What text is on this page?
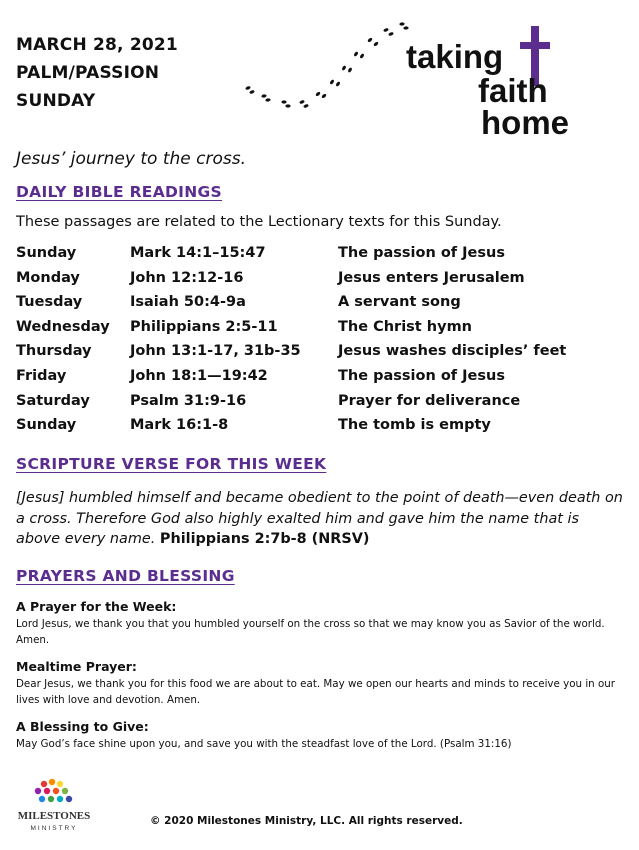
MARCH 28, 2021
PALM/PASSION
SUNDAY
taking
faith
home
Jesus’ journey to the cross.
DAILY BIBLE READINGS
These passages are related to the Lectionary texts for this Sunday.
Sunday	Mark 14:1–15:47	The passion of Jesus
Monday	John 12:12-16	Jesus enters Jerusalem
Tuesday	Isaiah 50:4-9a	A servant song
Wednesday Philippians 2:5-11	The Christ hymn
Thursday	John 13:1-17, 31b-35	Jesus washes disciples’ feet
Friday	John 18:1—19:42	The passion of Jesus
Saturday	Psalm 31:9-16	Prayer for deliverance
Sunday	Mark 16:1-8	The tomb is empty
SCRIPTURE VERSE FOR THIS WEEK
[Jesus] humbled himself and became obedient to the point of death—even death on a cross. Therefore God also highly exalted him and gave him the name that is above every name. Philippians 2:7b-8 (NRSV)
PRAYERS AND BLESSING
A Prayer for the Week:
Lord Jesus, we thank you that you humbled yourself on the cross so that we may know you as Savior of the world. Amen.
Mealtime Prayer:
Dear Jesus, we thank you for this food we are about to eat. May we open our hearts and minds to receive you in our lives with love and devotion. Amen.
A Blessing to Give:
May God’s face shine upon you, and save you with the steadfast love of the Lord. (Psalm 31:16)
MILESTONES
MINISTRY
© 2020 Milestones Ministry, LLC. All rights reserved.
